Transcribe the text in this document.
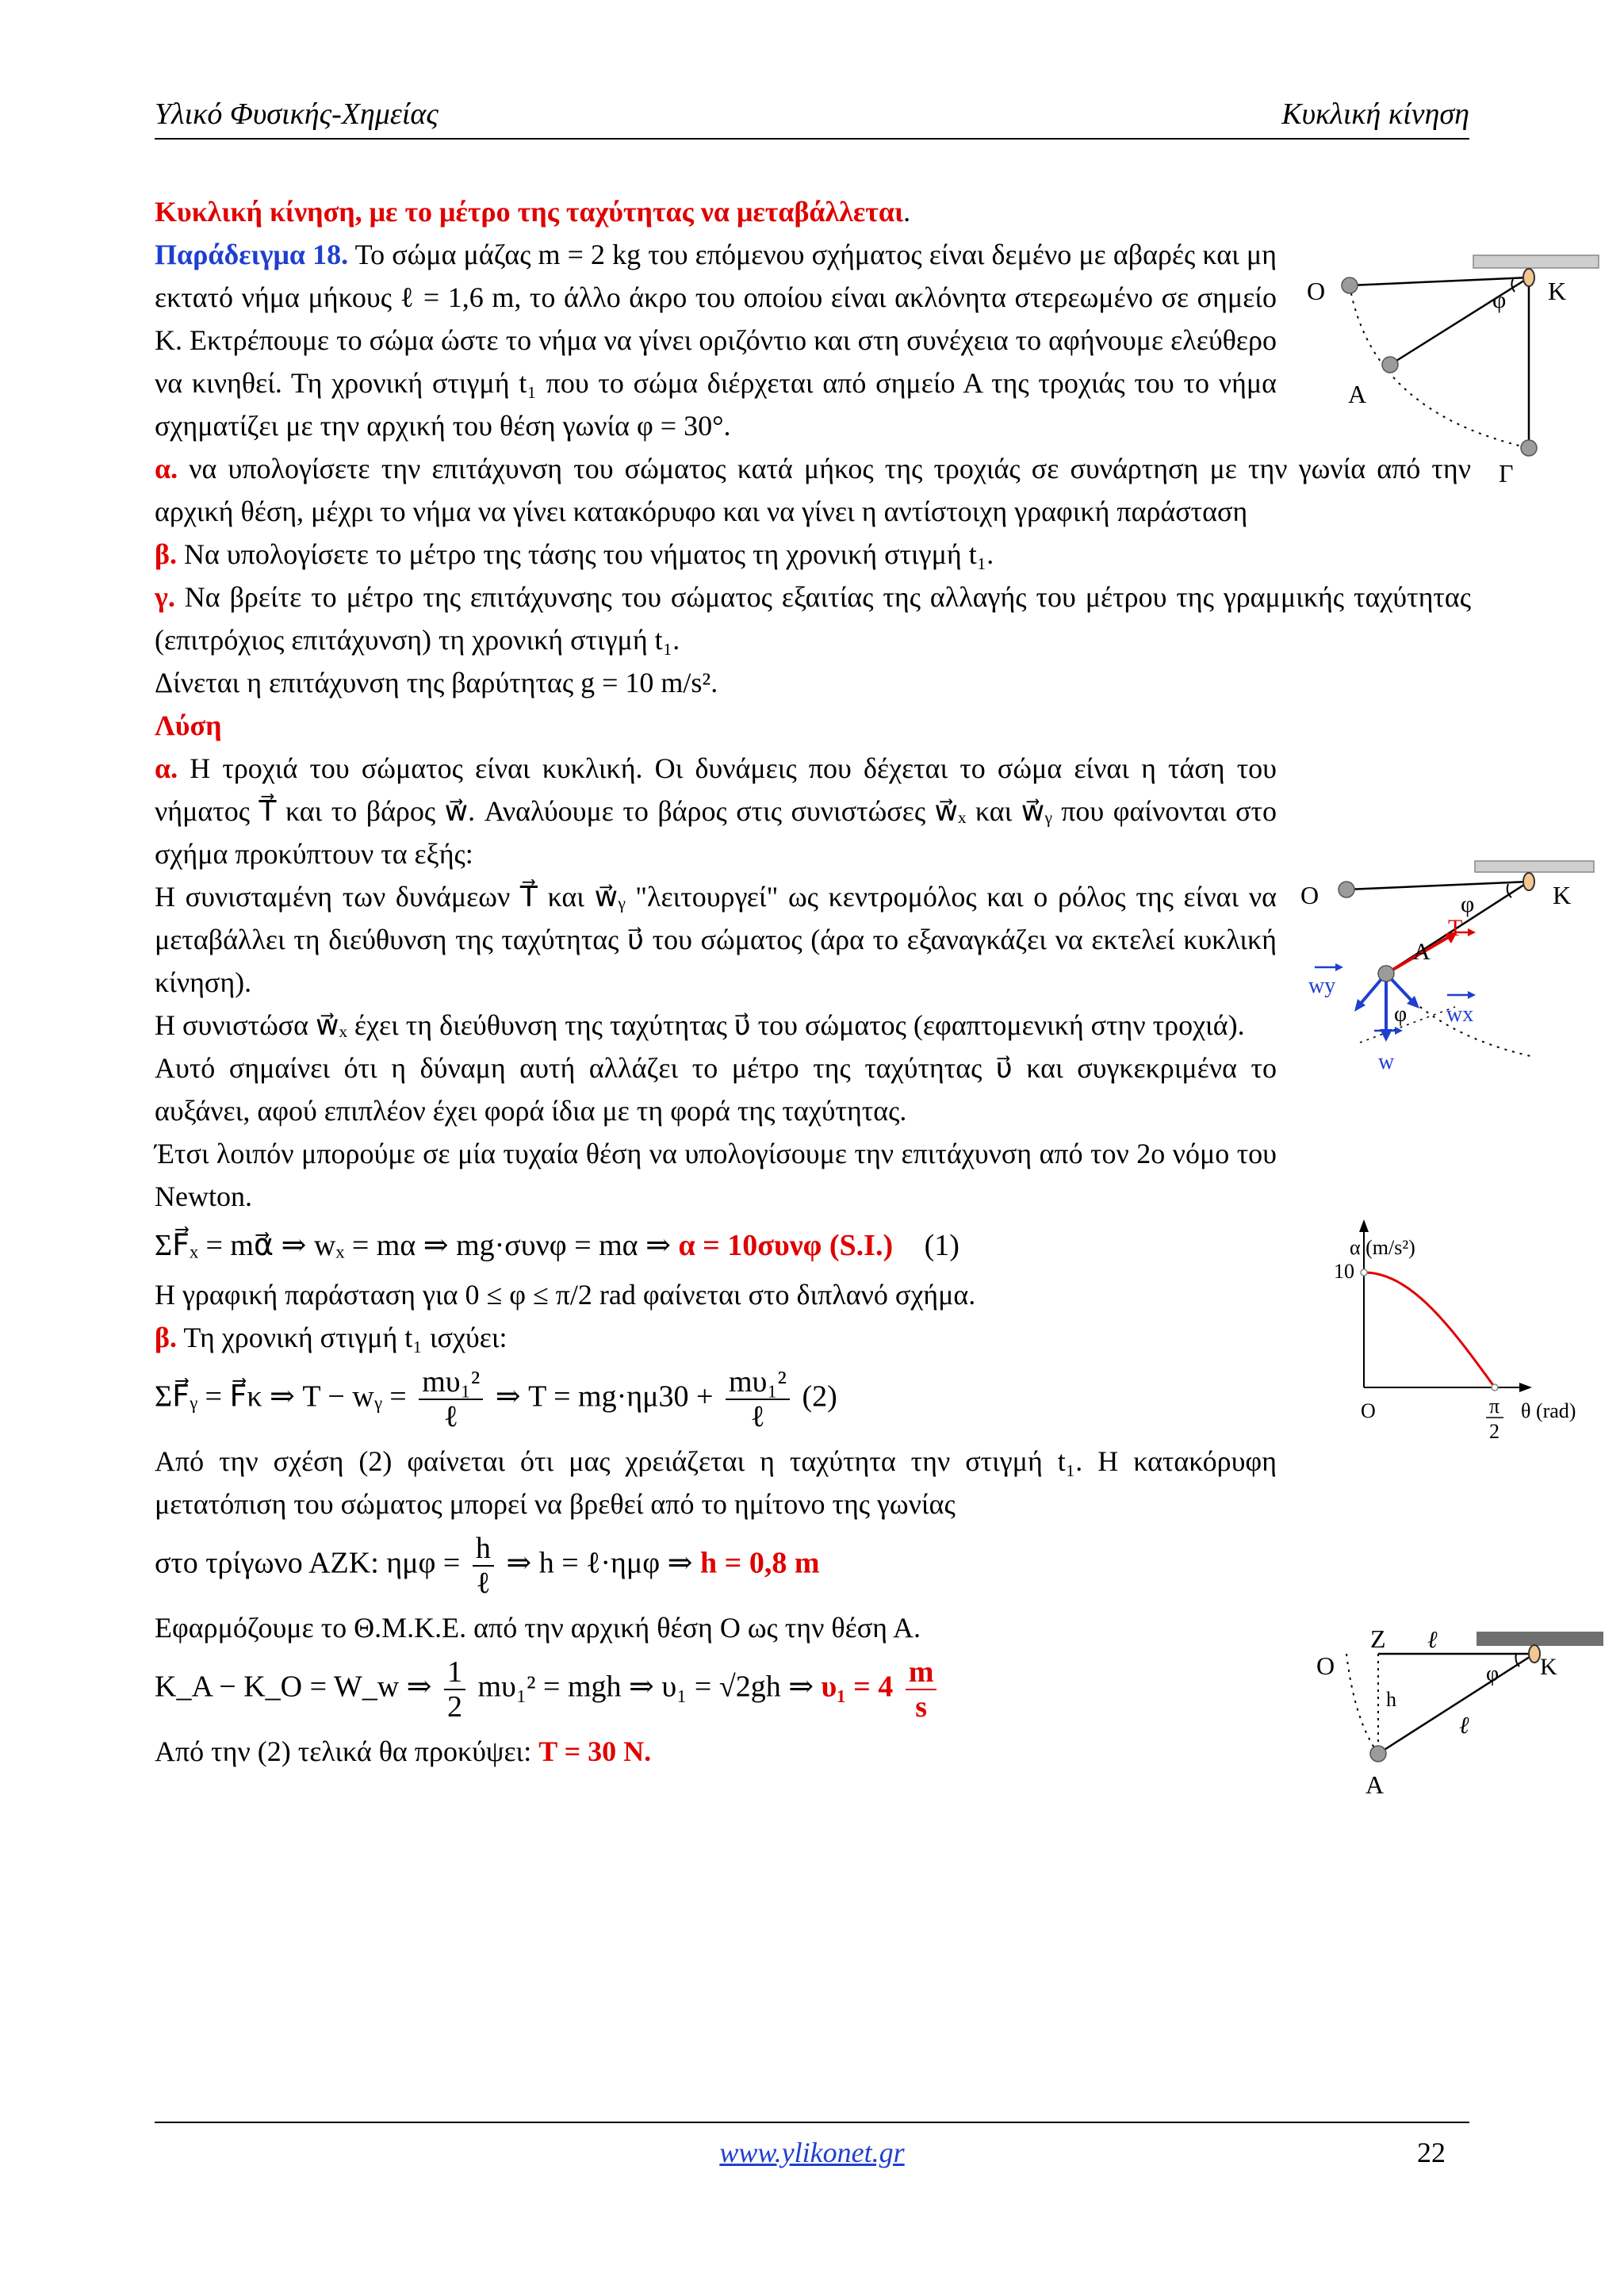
Υλικό Φυσικής-Χημείας	Κυκλική κίνηση

Κυκλική κίνηση, με το μέτρο της ταχύτητας να μεταβάλλεται.

Παράδειγμα 18. Το σώμα μάζας m = 2 kg του επόμενου σχήματος είναι δεμένο με αβαρές και μη εκτατό νήμα μήκους ℓ = 1,6 m, το άλλο άκρο του οποίου είναι ακλόνητα στερεωμένο σε σημείο Κ. Εκτρέπουμε το σώμα ώστε το νήμα να γίνει οριζόντιο και στη συνέχεια το αφήνουμε ελεύθερο να κινηθεί. Τη χρονική στιγμή t₁ που το σώμα διέρχεται από σημείο Α της τροχιάς του το νήμα σχηματίζει με την αρχική του θέση γωνία φ = 30°.

α. να υπολογίσετε την επιτάχυνση του σώματος κατά μήκος της τροχιάς σε συνάρτηση με την γωνία από την αρχική θέση, μέχρι το νήμα να γίνει κατακόρυφο και να γίνει η αντίστοιχη γραφική παράσταση

β. Να υπολογίσετε το μέτρο της τάσης του νήματος τη χρονική στιγμή t₁.

γ. Να βρείτε το μέτρο της επιτάχυνσης του σώματος εξαιτίας της αλλαγής του μέτρου της γραμμικής ταχύτητας (επιτρόχιος επιτάχυνση) τη χρονική στιγμή t₁.

Δίνεται η επιτάχυνση της βαρύτητας g = 10 m/s².

Λύση

α. Η τροχιά του σώματος είναι κυκλική. Οι δυνάμεις που δέχεται το σώμα είναι η τάση του νήματος T⃗ και το βάρος w⃗. Αναλύουμε το βάρος στις συνιστώσες w⃗ₓ και w⃗ᵧ που φαίνονται στο σχήμα προκύπτουν τα εξής:

Η συνισταμένη των δυνάμεων T⃗ και w⃗ᵧ "λειτουργεί" ως κεντρομόλος και ο ρόλος της είναι να μεταβάλλει τη διεύθυνση της ταχύτητας υ⃗ του σώματος (άρα το εξαναγκάζει να εκτελεί κυκλική κίνηση).

Η συνιστώσα w⃗ₓ έχει τη διεύθυνση της ταχύτητας υ⃗ του σώματος (εφαπτομενική στην τροχιά).

Αυτό σημαίνει ότι η δύναμη αυτή αλλάζει το μέτρο της ταχύτητας υ⃗ και συγκεκριμένα το αυξάνει, αφού επιπλέον έχει φορά ίδια με τη φορά της ταχύτητας.

Έτσι λοιπόν μπορούμε σε μία τυχαία θέση να υπολογίσουμε την επιτάχυνση από τον 2ο νόμο του Newton.

ΣF⃗ₓ = mα⃗ ⇒ wₓ = mα ⇒ mg·συνφ = mα ⇒ α = 10συνφ (S.I.) (1)

Η γραφική παράσταση για 0 ≤ φ ≤ π/2 rad φαίνεται στο διπλανό σχήμα.

β. Τη χρονική στιγμή t₁ ισχύει:

ΣF⃗ᵧ = F⃗κ ⇒ T − wᵧ = $\frac{\text{mυ₁²}}{\text{ℓ}}$ ⇒ $T = mg\cdot\eta\mu 30 + \frac{\text{mυ₁²}}{\text{ℓ}} (2)$

Από την σχέση (2) φαίνεται ότι μας χρειάζεται η ταχύτητα την στιγμή t₁. Η κατακόρυφη μετατόπιση του σώματος μπορεί να βρεθεί από το ημίτονο της γωνίας

στο τρίγωνο ΑΖΚ: $\eta\mu\varphi = \frac{h}{\text{ℓ}}$ ⇒ h = ℓ·ημφ ⇒ h = 0,8 m

Εφαρμόζουμε το Θ.Μ.Κ.Ε. από την αρχική θέση Ο ως την θέση Α.

K_A − K_O = W_w ⇒ $\frac{1}{2} m\upsilon_1^2$ = mgh ⇒ υ₁ = √2gh ⇒ $\upsilon_1 = 4 \frac{m}{s}$

Από την (2) τελικά θα προκύψει: T = 30 N.

O	K
φ
A
Γ
O	K
φ
A
φ
T
wy
wx
w
α (m/s²)
10
O	π
2
θ (rad)
O
Z ℓ
K
h
ℓ
φ
A
www.ylikonet.gr	22
